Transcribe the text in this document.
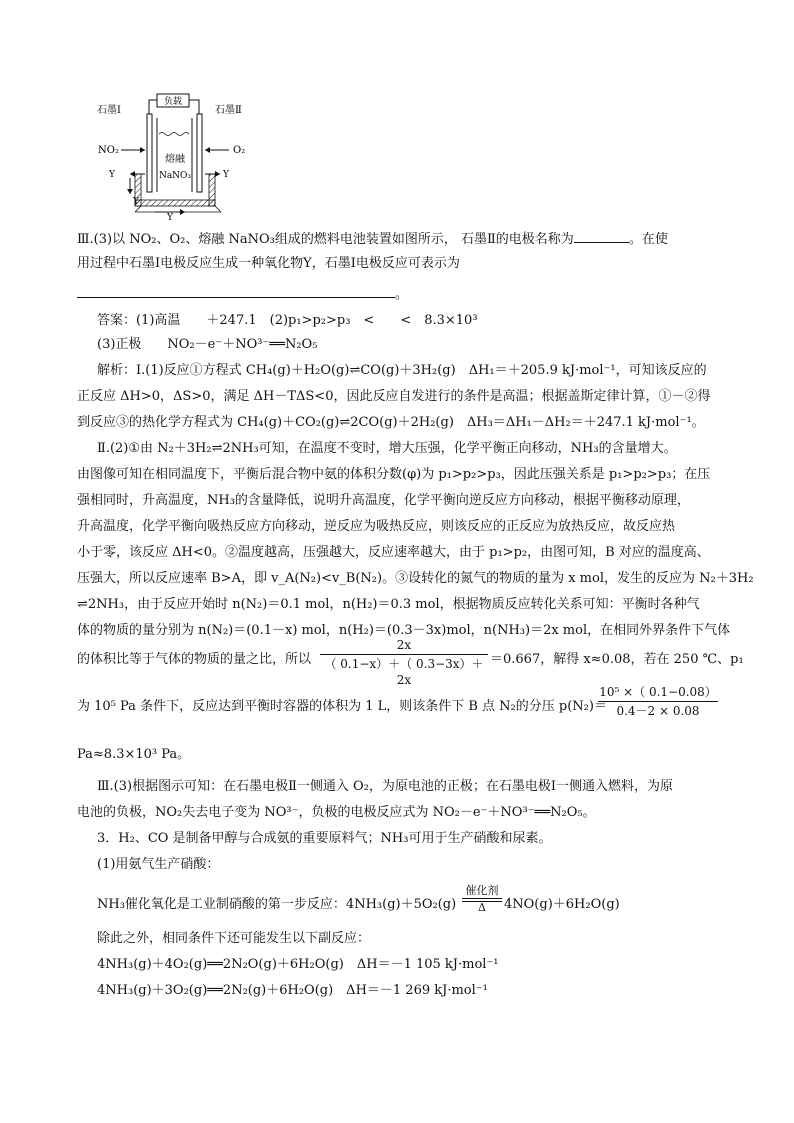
负载
石墨Ⅰ	石墨Ⅱ
NO₂	O₂
熔融
NaNO₃
Y
Y
Y
Y
Ⅲ.(3)以 NO₂、O₂、熔融 NaNO₃组成的燃料电池装置如图所示， 石墨Ⅱ的电极名称为	。在使
用过程中石墨Ⅰ电极反应生成一种氧化物Y，石墨Ⅰ电极反应可表示为
。
答案：(1)高温　　＋247.1　(2)p₁>p₂>p₃　<　　<　8.3×10³
(3)正极　　NO₂－e⁻＋NO³⁻══N₂O₅
解析：Ⅰ.(1)反应①方程式 CH₄(g)＋H₂O(g)⇌CO(g)＋3H₂(g)　ΔH₁＝＋205.9 kJ·mol⁻¹，可知该反应的
正反应 ΔH>0，ΔS>0，满足 ΔH－TΔS<0，因此反应自发进行的条件是高温；根据盖斯定律计算，①－②得
到反应③的热化学方程式为 CH₄(g)＋CO₂(g)⇌2CO(g)＋2H₂(g)　ΔH₃＝ΔH₁－ΔH₂＝＋247.1 kJ·mol⁻¹。
Ⅱ.(2)①由 N₂＋3H₂⇌2NH₃可知，在温度不变时，增大压强，化学平衡正向移动，NH₃的含量增大。
由图像可知在相同温度下，平衡后混合物中氨的体积分数(φ)为 p₁>p₂>p₃，因此压强关系是 p₁>p₂>p₃；在压
强相同时，升高温度，NH₃的含量降低，说明升高温度，化学平衡向逆反应方向移动，根据平衡移动原理，
升高温度，化学平衡向吸热反应方向移动，逆反应为吸热反应，则该反应的正反应为放热反应，故反应热
小于零，该反应 ΔH<0。②温度越高，压强越大，反应速率越大，由于 p₁>p₂，由图可知，B 对应的温度高、
压强大，所以反应速率 B>A，即 v_A(N₂)<v_B(N₂)。③设转化的氮气的物质的量为 x mol，发生的反应为 N₂＋3H₂
⇌2NH₃，由于反应开始时 n(N₂)＝0.1 mol，n(H₂)＝0.3 mol，根据物质反应转化关系可知：平衡时各种气
体的物质的量分别为 n(N₂)＝(0.1－x) mol，n(H₂)＝(0.3－3x)mol，n(NH₃)＝2x mol，在相同外界条件下气体
的体积比等于气体的物质的量之比，所以
2x
（ 0.1−x）＋（ 0.3−3x）＋2x
＝0.667，解得 x≈0.08，若在 250 ℃、p₁
为 10⁵ Pa 条件下，反应达到平衡时容器的体积为 1 L，则该条件下 B 点 N₂的分压 p(N₂)＝
10⁵ ×（ 0.1−0.08）
0.4－2 × 0.08
Pa≈8.3×10³ Pa。
Ⅲ.(3)根据图示可知：在石墨电极Ⅱ一侧通入 O₂，为原电池的正极；在石墨电极Ⅰ一侧通入燃料，为原
电池的负极，NO₂失去电子变为 NO³⁻，负极的电极反应式为 NO₂－e⁻＋NO³⁻══N₂O₅。
3．H₂、CO 是制备甲醇与合成氨的重要原料气；NH₃可用于生产硝酸和尿素。
(1)用氨气生产硝酸：
NH₃催化氧化是工业制硝酸的第一步反应：4NH₃(g)＋5O₂(g)
催化剂
Δ	4NO(g)＋6H₂O(g)
除此之外，相同条件下还可能发生以下副反应：
4NH₃(g)＋4O₂(g)══2N₂O(g)＋6H₂O(g)　ΔH＝－1 105 kJ·mol⁻¹
4NH₃(g)＋3O₂(g)══2N₂(g)＋6H₂O(g)　ΔH＝－1 269 kJ·mol⁻¹
